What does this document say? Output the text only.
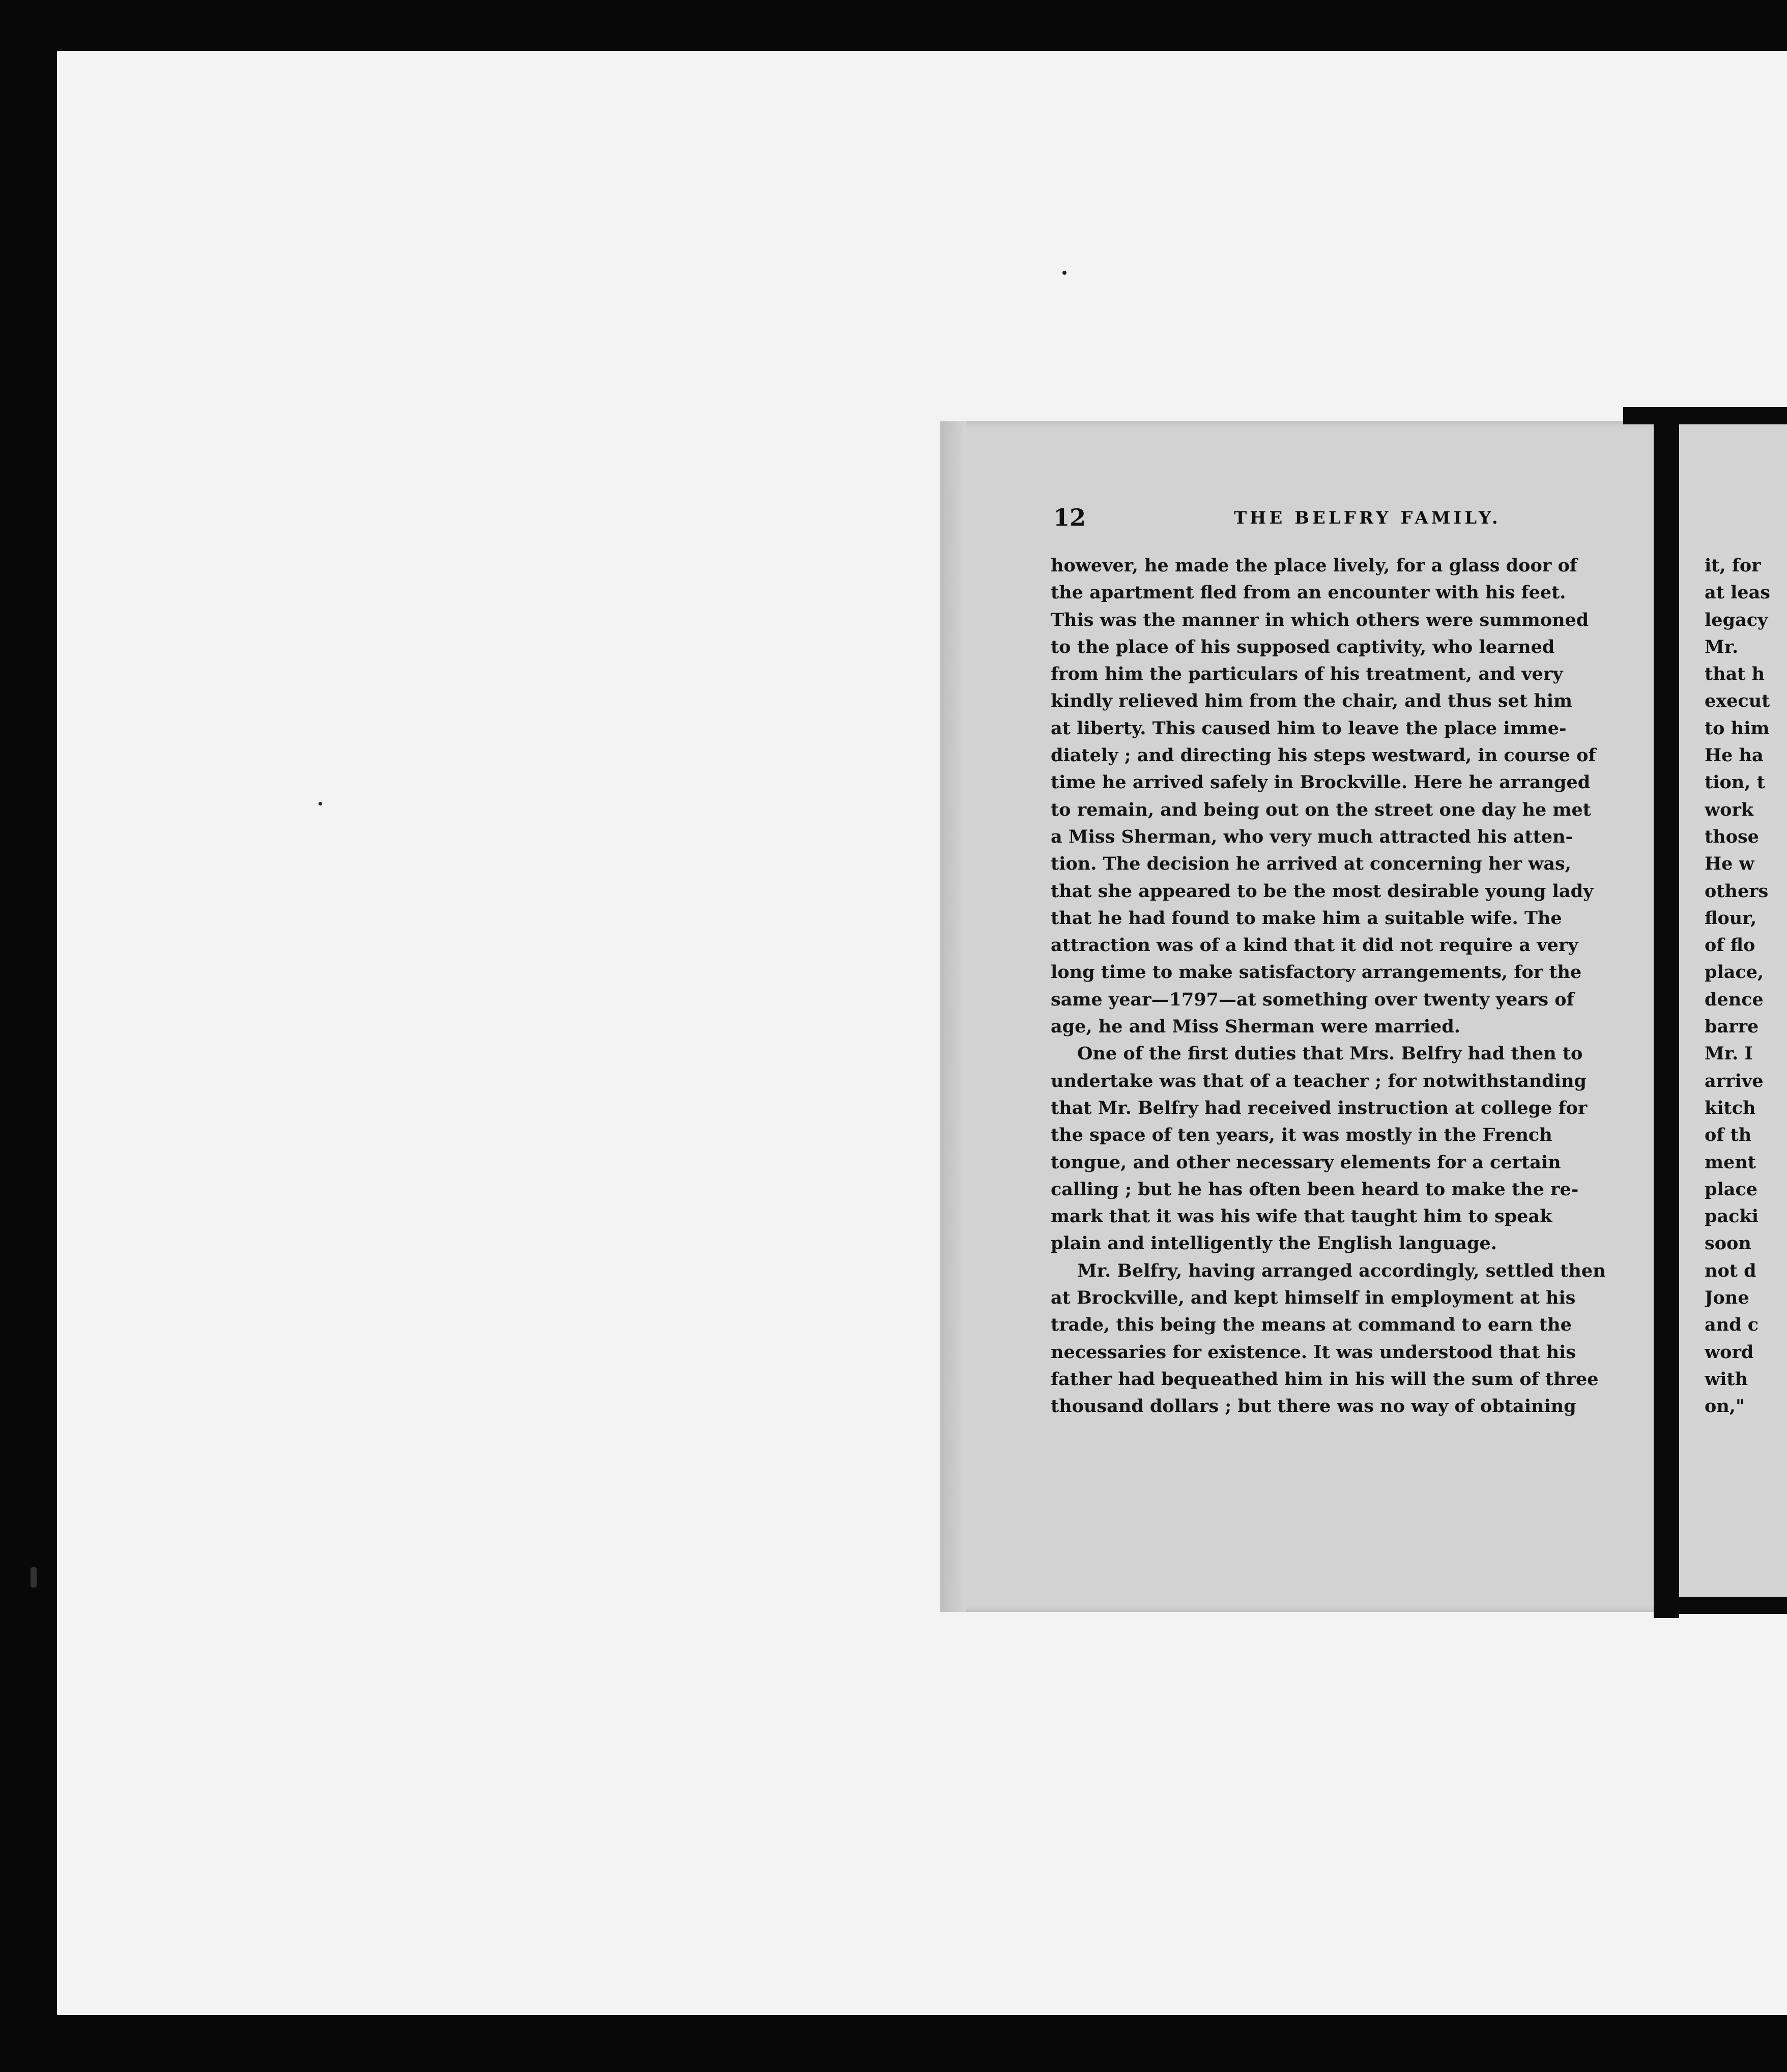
12	THE BELFRY FAMILY.
however, he made the place lively, for a glass door of
the apartment fled from an encounter with his feet.
This was the manner in which others were summoned
to the place of his supposed captivity, who learned
from him the particulars of his treatment, and very
kindly relieved him from the chair, and thus set him
at liberty. This caused him to leave the place imme-
diately ; and directing his steps westward, in course of
time he arrived safely in Brockville. Here he arranged
to remain, and being out on the street one day he met
a Miss Sherman, who very much attracted his atten-
tion. The decision he arrived at concerning her was,
that she appeared to be the most desirable young lady
that he had found to make him a suitable wife. The
attraction was of a kind that it did not require a very
long time to make satisfactory arrangements, for the
same year—1797—at something over twenty years of
age, he and Miss Sherman were married.
One of the first duties that Mrs. Belfry had then to
undertake was that of a teacher ; for notwithstanding
that Mr. Belfry had received instruction at college for
the space of ten years, it was mostly in the French
tongue, and other necessary elements for a certain
calling ; but he has often been heard to make the re-
mark that it was his wife that taught him to speak
plain and intelligently the English language.
Mr. Belfry, having arranged accordingly, settled then
at Brockville, and kept himself in employment at his
trade, this being the means at command to earn the
necessaries for existence. It was understood that his
father had bequeathed him in his will the sum of three
thousand dollars ; but there was no way of obtaining
it, for
at leas
legacy
Mr.
that h
execut
to him
He ha
tion, t
work
those
He w
others
flour,
of flo
place,
dence
barre
Mr. I
arrive
kitch
of th
ment
place
packi
soon
not d
Jone
and c
word
with
on,"
